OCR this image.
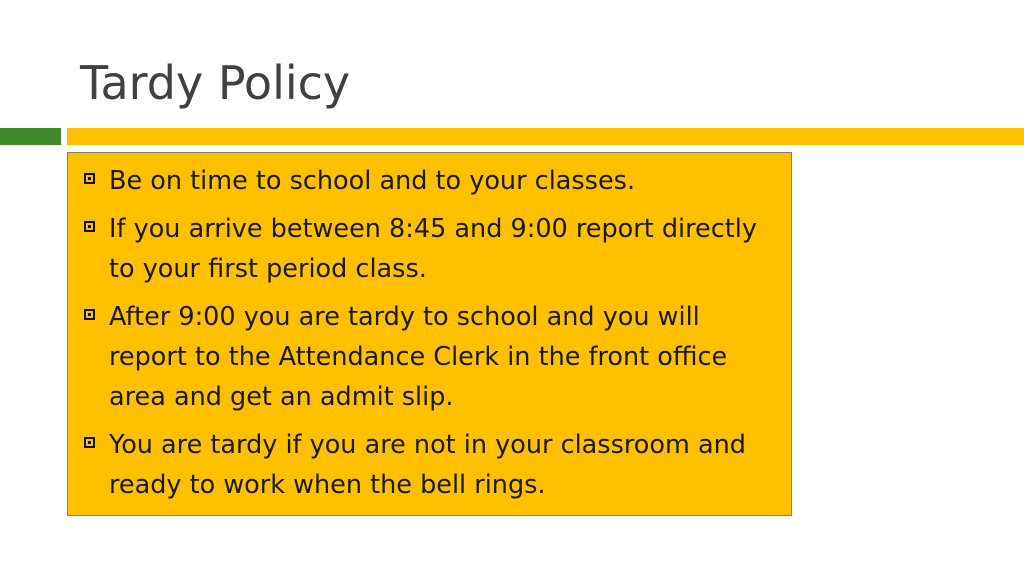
Tardy Policy
Be on time to school and to your classes.
If you arrive between 8:45 and 9:00 report directly to your first period class.
After 9:00 you are tardy to school and you will report to the Attendance Clerk in the front office area and get an admit slip.
You are tardy if you are not in your classroom and ready to work when the bell rings.
